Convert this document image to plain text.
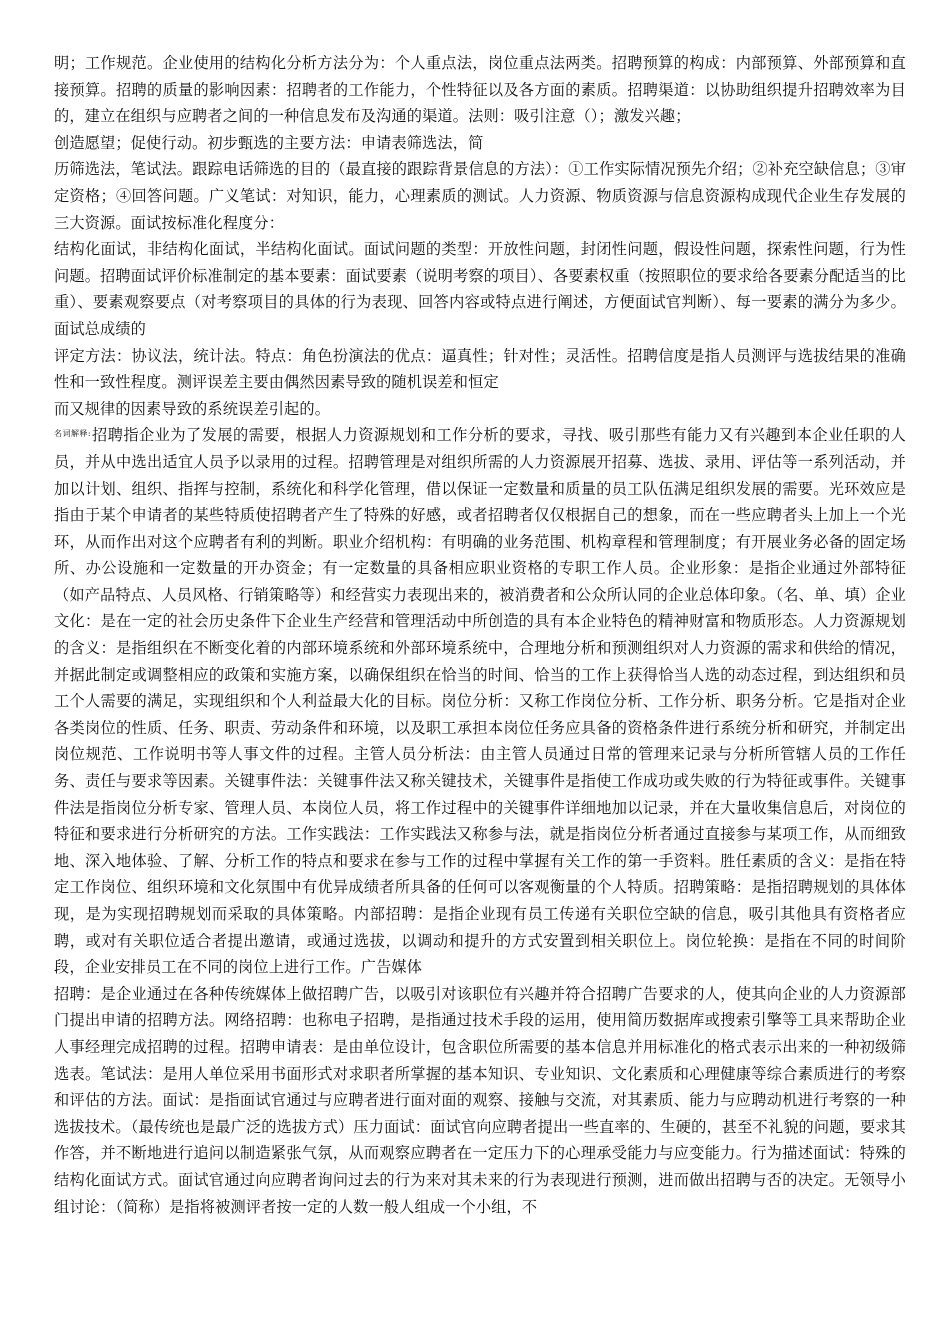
明；工作规范。企业使用的结构化分析方法分为：个人重点法，岗位重点法两类。招聘预算的构成：内部预算、外部预算和直接预算。招聘的质量的影响因素：招聘者的工作能力，个性特征以及各方面的素质。招聘渠道：以协助组织提升招聘效率为目的，建立在组织与应聘者之间的一种信息发布及沟通的渠道。法则：吸引注意（）；激发兴趣；

创造愿望；促使行动。初步甄选的主要方法：申请表筛选法，简

历筛选法，笔试法。跟踪电话筛选的目的（最直接的跟踪背景信息的方法）：①工作实际情况预先介绍；②补充空缺信息；③审定资格；④回答问题。广义笔试：对知识，能力，心理素质的测试。人力资源、物质资源与信息资源构成现代企业生存发展的三大资源。面试按标准化程度分：

结构化面试，非结构化面试，半结构化面试。面试问题的类型：开放性问题，封闭性问题，假设性问题，探索性问题，行为性问题。招聘面试评价标准制定的基本要素：面试要素（说明考察的项目）、各要素权重（按照职位的要求给各要素分配适当的比重）、要素观察要点（对考察项目的具体的行为表现、回答内容或特点进行阐述，方便面试官判断）、每一要素的满分为多少。面试总成绩的

评定方法：协议法，统计法。特点：角色扮演法的优点：逼真性；针对性；灵活性。招聘信度是指人员测评与选拔结果的准确性和一致性程度。测评误差主要由偶然因素导致的随机误差和恒定

而又规律的因素导致的系统误差引起的。

$^{名词解释:}$招聘指企业为了发展的需要，根据人力资源规划和工作分析的要求，寻找、吸引那些有能力又有兴趣到本企业任职的人员，并从中选出适宜人员予以录用的过程。招聘管理是对组织所需的人力资源展开招募、选拔、录用、评估等一系列活动，并加以计划、组织、指挥与控制，系统化和科学化管理，借以保证一定数量和质量的员工队伍满足组织发展的需要。光环效应是指由于某个申请者的某些特质使招聘者产生了特殊的好感，或者招聘者仅仅根据自己的想象，而在一些应聘者头上加上一个光环，从而作出对这个应聘者有利的判断。职业介绍机构：有明确的业务范围、机构章程和管理制度；有开展业务必备的固定场所、办公设施和一定数量的开办资金；有一定数量的具备相应职业资格的专职工作人员。企业形象：是指企业通过外部特征（如产品特点、人员风格、行销策略等）和经营实力表现出来的，被消费者和公众所认同的企业总体印象。（名、单、填）企业文化：是在一定的社会历史条件下企业生产经营和管理活动中所创造的具有本企业特色的精神财富和物质形态。人力资源规划的含义：是指组织在不断变化着的内部环境系统和外部环境系统中，合理地分析和预测组织对人力资源的需求和供给的情况，并据此制定或调整相应的政策和实施方案，以确保组织在恰当的时间、恰当的工作上获得恰当人选的动态过程，到达组织和员工个人需要的满足，实现组织和个人利益最大化的目标。岗位分析：又称工作岗位分析、工作分析、职务分析。它是指对企业各类岗位的性质、任务、职责、劳动条件和环境，以及职工承担本岗位任务应具备的资格条件进行系统分析和研究，并制定出岗位规范、工作说明书等人事文件的过程。主管人员分析法：由主管人员通过日常的管理来记录与分析所管辖人员的工作任务、责任与要求等因素。关键事件法：关键事件法又称关键技术，关键事件是指使工作成功或失败的行为特征或事件。关键事件法是指岗位分析专家、管理人员、本岗位人员，将工作过程中的关键事件详细地加以记录，并在大量收集信息后，对岗位的特征和要求进行分析研究的方法。工作实践法：工作实践法又称参与法，就是指岗位分析者通过直接参与某项工作，从而细致地、深入地体验、了解、分析工作的特点和要求在参与工作的过程中掌握有关工作的第一手资料。胜任素质的含义：是指在特定工作岗位、组织环境和文化氛围中有优异成绩者所具备的任何可以客观衡量的个人特质。招聘策略：是指招聘规划的具体体现，是为实现招聘规划而采取的具体策略。内部招聘：是指企业现有员工传递有关职位空缺的信息，吸引其他具有资格者应聘，或对有关职位适合者提出邀请，或通过选拔，以调动和提升的方式安置到相关职位上。岗位轮换：是指在不同的时间阶段，企业安排员工在不同的岗位上进行工作。广告媒体

招聘：是企业通过在各种传统媒体上做招聘广告，以吸引对该职位有兴趣并符合招聘广告要求的人，使其向企业的人力资源部门提出申请的招聘方法。网络招聘：也称电子招聘，是指通过技术手段的运用，使用简历数据库或搜索引擎等工具来帮助企业人事经理完成招聘的过程。招聘申请表：是由单位设计，包含职位所需要的基本信息并用标准化的格式表示出来的一种初级筛选表。笔试法：是用人单位采用书面形式对求职者所掌握的基本知识、专业知识、文化素质和心理健康等综合素质进行的考察和评估的方法。面试：是指面试官通过与应聘者进行面对面的观察、接触与交流，对其素质、能力与应聘动机进行考察的一种选拔技术。（最传统也是最广泛的选拔方式）压力面试：面试官向应聘者提出一些直率的、生硬的，甚至不礼貌的问题，要求其作答，并不断地进行追问以制造紧张气氛，从而观察应聘者在一定压力下的心理承受能力与应变能力。行为描述面试：特殊的结构化面试方式。面试官通过向应聘者询问过去的行为来对其未来的行为表现进行预测，进而做出招聘与否的决定。无领导小组讨论：（简称）是指将被测评者按一定的人数一般人组成一个小组，不
